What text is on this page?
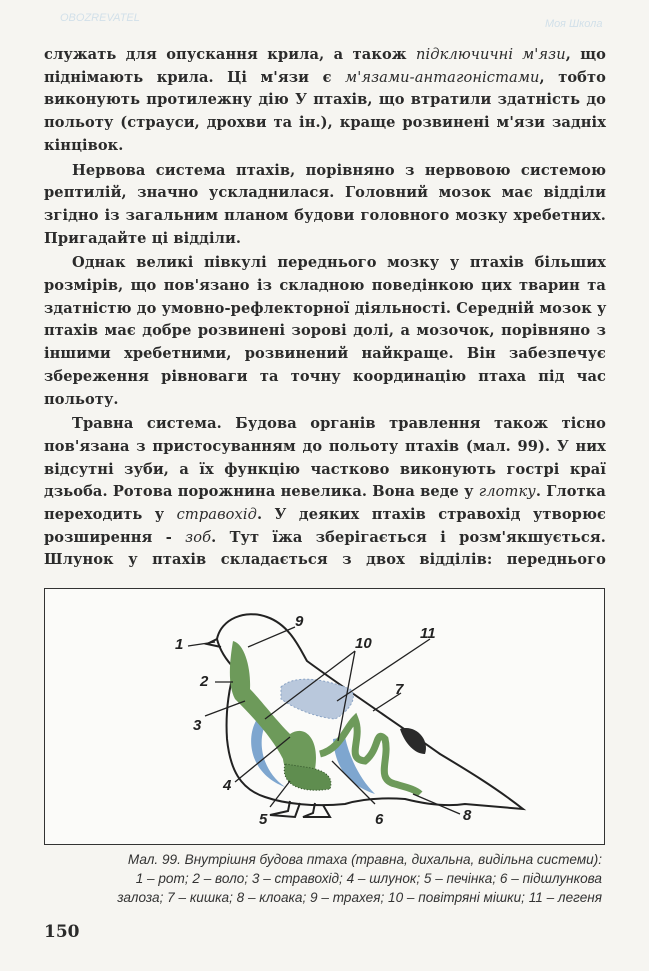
служать для опускання крила, а також підключичні м'язи, що
піднімають крила. Ці м'язи є м'язами-антагоністами, тобто
виконують протилежну дію У птахів, що втратили здатність до
польоту (страуси, дрохви та ін.), краще розвинені м'язи задніх
кінцівок.
Нервова система птахів, порівняно з нервовою системою
рептилій, значно ускладнилася. Головний мозок має відділи
згідно із загальним планом будови головного мозку хребетних.
Пригадайте ці відділи.
Однак великі півкулі переднього мозку у птахів більших
розмірів, що пов'язано із складною поведінкою цих тварин та
здатністю до умовно-рефлекторної діяльності. Середній мозок у
птахів має добре розвинені зорові долі, а мозочок, порівняно з
іншими хребетними, розвинений найкраще. Він забезпечує
збереження рівноваги та точну координацію птаха під час
польоту.
Травна система. Будова органів травлення також тісно
пов'язана з пристосуванням до польоту птахів (мал. 99). У них
відсутні зуби, а їх функцію частково виконують гострі краї
дзьоба. Ротова порожнина невелика. Вона веде у глотку. Глотка
переходить у стравохід. У деяких птахів стравохід утворює
розширення - зоб. Тут їжа зберігається і розм'якшується.
Шлунок у птахів складається з двох відділів: переднього
1
2
3
4
5	6
7
8
9
10
11
Мал. 99. Внутрішня будова птаха (травна, дихальна, видільна системи):
1 – рот; 2 – воло; 3 – стравохід; 4 – шлунок; 5 – печінка; 6 – підшлункова
залоза; 7 – кишка; 8 – клоака; 9 – трахея; 10 – повітряні мішки; 11 – легеня
150
Моя Школа
OBOZREVATEL
